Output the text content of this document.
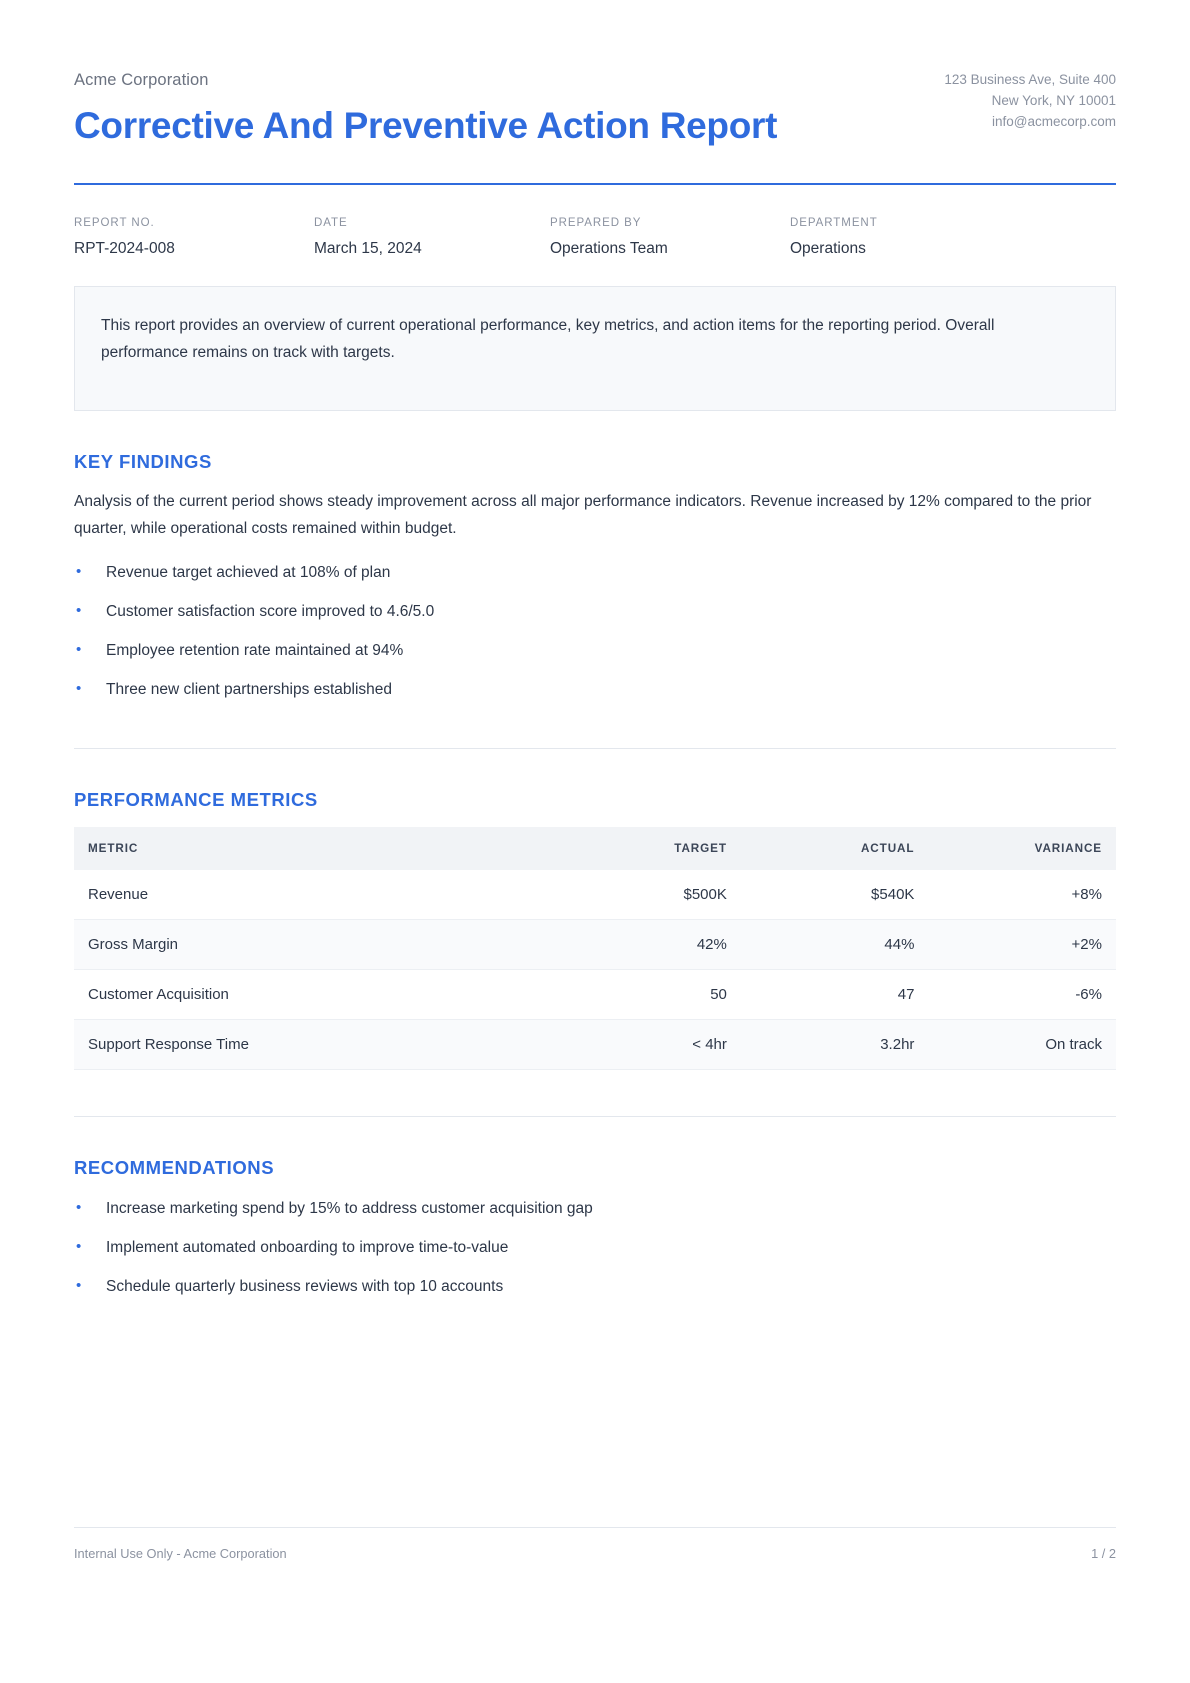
Acme Corporation
Corrective And Preventive Action Report
123 Business Ave, Suite 400
New York, NY 10001
info@acmecorp.com
REPORT NO.
RPT-2024-008
DATE
March 15, 2024
PREPARED BY
Operations Team
DEPARTMENT
Operations
This report provides an overview of current operational performance, key metrics, and action items for the reporting period. Overall performance remains on track with targets.
KEY FINDINGS
Analysis of the current period shows steady improvement across all major performance indicators. Revenue increased by 12% compared to the prior quarter, while operational costs remained within budget.
• Revenue target achieved at 108% of plan
• Customer satisfaction score improved to 4.6/5.0
• Employee retention rate maintained at 94%
• Three new client partnerships established
PERFORMANCE METRICS
METRIC	TARGET	ACTUAL	VARIANCE
Revenue	$500K	$540K	+8%
Gross Margin	42%	44%	+2%
Customer Acquisition	50	47	-6%
Support Response Time	< 4hr	3.2hr	On track
RECOMMENDATIONS
• Increase marketing spend by 15% to address customer acquisition gap
• Implement automated onboarding to improve time-to-value
• Schedule quarterly business reviews with top 10 accounts
Internal Use Only - Acme Corporation	1 / 2
